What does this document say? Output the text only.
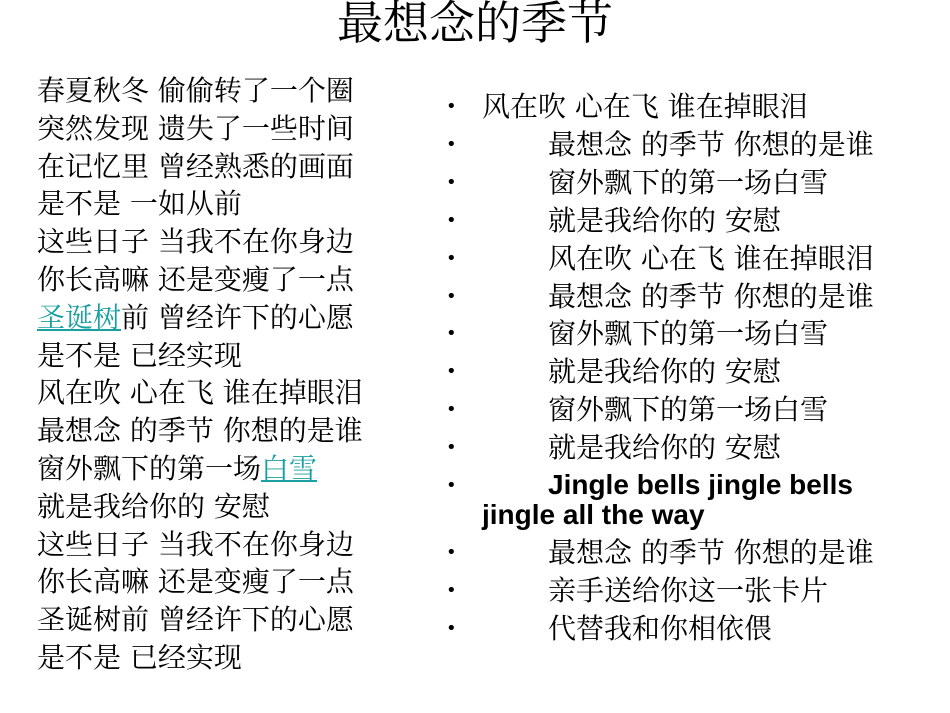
最想念的季节
春夏秋冬 偷偷转了一个圈
突然发现 遗失了一些时间
在记忆里 曾经熟悉的画面
是不是 一如从前
这些日子 当我不在你身边
你长高嘛 还是变瘦了一点
圣诞树前 曾经许下的心愿
是不是 已经实现
风在吹 心在飞 谁在掉眼泪
最想念 的季节 你想的是谁
窗外飘下的第一场白雪
就是我给你的 安慰
这些日子 当我不在你身边
你长高嘛 还是变瘦了一点
圣诞树前 曾经许下的心愿
是不是 已经实现
• 风在吹 心在飞 谁在掉眼泪
•	最想念 的季节 你想的是谁
•	窗外飘下的第一场白雪
•	就是我给你的 安慰
•	风在吹 心在飞 谁在掉眼泪
•	最想念 的季节 你想的是谁
•	窗外飘下的第一场白雪
•	就是我给你的 安慰
•	窗外飘下的第一场白雪
•	就是我给你的 安慰
•	Jingle bells jingle bells jingle all the way
•	最想念 的季节 你想的是谁
•	亲手送给你这一张卡片
•	代替我和你相依偎
